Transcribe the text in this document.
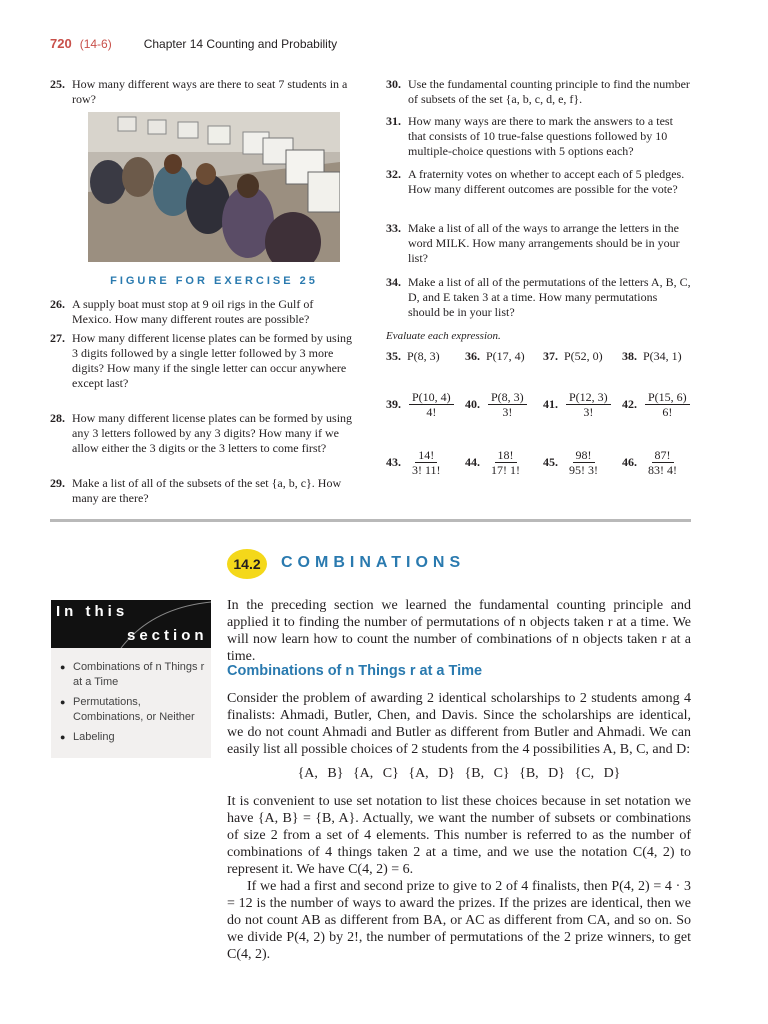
720 (14-6)	Chapter 14 Counting and Probability
25. How many different ways are there to seat 7 students in a row?
FIGURE FOR EXERCISE 25
26. A supply boat must stop at 9 oil rigs in the Gulf of Mexico. How many different routes are possible?
27. How many different license plates can be formed by using 3 digits followed by a single letter followed by 3 more digits? How many if the single letter can occur anywhere except last?
28. How many different license plates can be formed by using any 3 letters followed by any 3 digits? How many if we allow either the 3 digits or the 3 letters to come first?
29. Make a list of all of the subsets of the set {a, b, c}. How many are there?
30. Use the fundamental counting principle to find the number of subsets of the set {a, b, c, d, e, f}.
31. How many ways are there to mark the answers to a test that consists of 10 true-false questions followed by 10 multiple-choice questions with 5 options each?
32. A fraternity votes on whether to accept each of 5 pledges. How many different outcomes are possible for the vote?
33. Make a list of all of the ways to arrange the letters in the word MILK. How many arrangements should be in your list?
34. Make a list of all of the permutations of the letters A, B, C, D, and E taken 3 at a time. How many permutations should be in your list?
Evaluate each expression.
35. P(8, 3) 36. P(17, 4) 37. P(52, 0) 38. P(34, 1)
39. $\frac{P(10, 4)}{4!} 40$. $\frac{P(8, 3)}{3!} 41$. $\frac{P(12, 3)}{3!} 42$. $\frac{P(15, 6)}{6!}$
43. $\frac{14!}{3! 11!} 44$. $\frac{18!}{17! 1!} 45$. $\frac{98!}{95! 3!} 46$. $\frac{87!}{83! 4!}$
14.2	COMBINATIONS
In this
section
● Combinations of n Things r at a Time
● Permutations, Combinations, or Neither
● Labeling
In the preceding section we learned the fundamental counting principle and applied it to finding the number of permutations of n objects taken r at a time. We will now learn how to count the number of combinations of n objects taken r at a time.
Combinations of n Things r at a Time
Consider the problem of awarding 2 identical scholarships to 2 students among 4 finalists: Ahmadi, Butler, Chen, and Davis. Since the scholarships are identical, we do not count Ahmadi and Butler as different from Butler and Ahmadi. We can easily list all possible choices of 2 students from the 4 possibilities A, B, C, and D:
{A, B} {A, C} {A, D} {B, C} {B, D} {C, D}
It is convenient to use set notation to list these choices because in set notation we have {A, B} = {B, A}. Actually, we want the number of subsets or combinations of size 2 from a set of 4 elements. This number is referred to as the number of combinations of 4 things taken 2 at a time, and we use the notation C(4, 2) to represent it. We have C(4, 2) = 6.
If we had a first and second prize to give to 2 of 4 finalists, then P(4, 2) = 4 · 3 = 12 is the number of ways to award the prizes. If the prizes are identical, then we do not count AB as different from BA, or AC as different from CA, and so on. So we divide P(4, 2) by 2!, the number of permutations of the 2 prize winners, to get C(4, 2).
